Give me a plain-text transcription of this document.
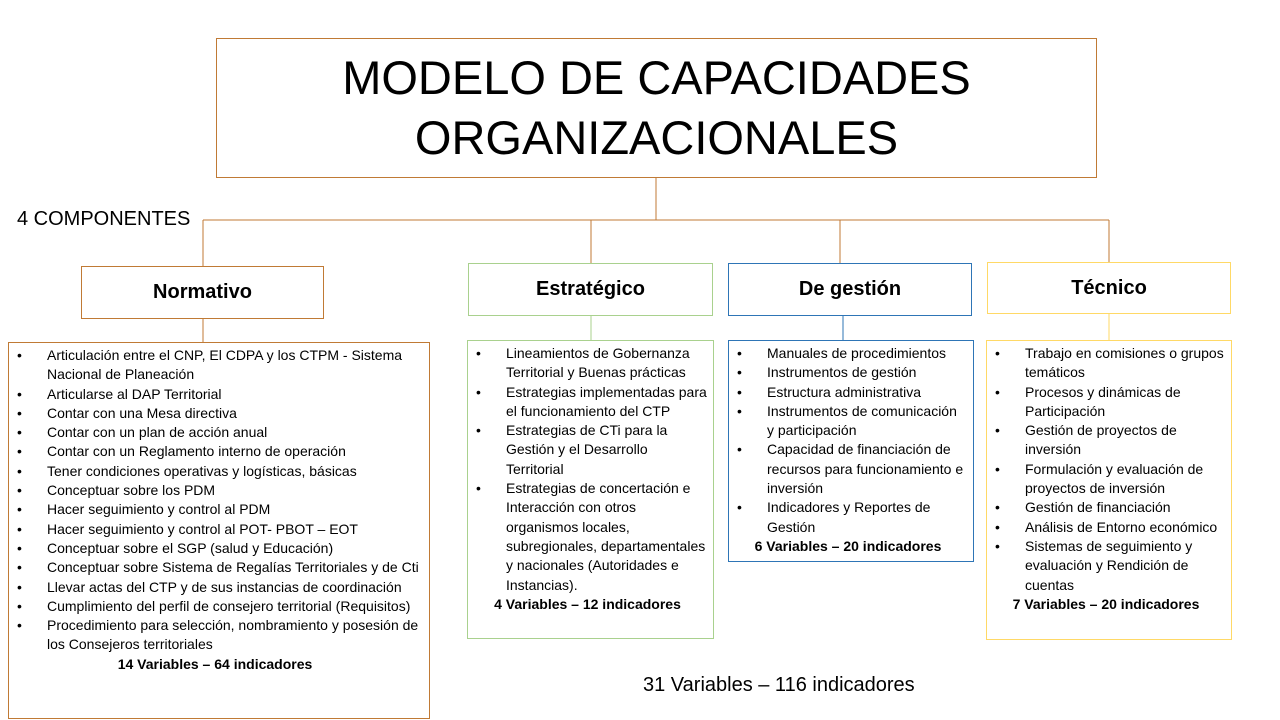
MODELO DE CAPACIDADES
ORGANIZACIONALES
4 COMPONENTES
Normativo	Estratégico	De gestión	Técnico
• Articulación entre el CNP, El CDPA y los CTPM - Sistema Nacional de Planeación
• Articularse al DAP Territorial
• Contar con una Mesa directiva
• Contar con un plan de acción anual
• Contar con un Reglamento interno de operación
• Tener condiciones operativas y logísticas, básicas
• Conceptuar sobre los PDM
• Hacer seguimiento y control al PDM
• Hacer seguimiento y control al POT- PBOT – EOT
• Conceptuar sobre el SGP (salud y Educación)
• Conceptuar sobre Sistema de Regalías Territoriales y de Cti
• Llevar actas del CTP y de sus instancias de coordinación
• Cumplimiento del perfil de consejero territorial (Requisitos)
• Procedimiento para selección, nombramiento y posesión de los Consejeros territoriales
14 Variables – 64 indicadores
• Lineamientos de Gobernanza Territorial y Buenas prácticas
• Estrategias implementadas para el funcionamiento del CTP
• Estrategias de CTi para la Gestión y el Desarrollo Territorial
• Estrategias de concertación e Interacción con otros organismos locales, subregionales, departamentales y nacionales (Autoridades e Instancias).
4 Variables – 12 indicadores
• Manuales de procedimientos
• Instrumentos de gestión
• Estructura administrativa
• Instrumentos de comunicación y participación
• Capacidad de financiación de recursos para funcionamiento e inversión
• Indicadores y Reportes de Gestión
6 Variables – 20 indicadores
• Trabajo en comisiones o grupos temáticos
• Procesos y dinámicas de Participación
• Gestión de proyectos de inversión
• Formulación y evaluación de proyectos de inversión
• Gestión de financiación
• Análisis de Entorno económico
• Sistemas de seguimiento y evaluación y Rendición de cuentas
7 Variables – 20 indicadores
31 Variables – 116 indicadores
